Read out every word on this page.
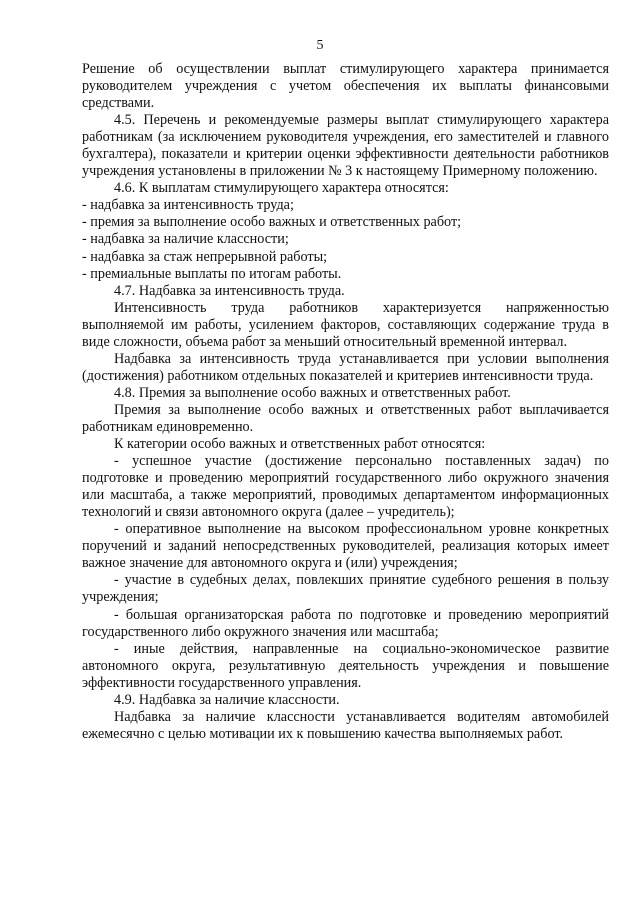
5

Решение об осуществлении выплат стимулирующего характера принимается руководителем учреждения с учетом обеспечения их выплаты финансовыми средствами.

4.5. Перечень и рекомендуемые размеры выплат стимулирующего характера работникам (за исключением руководителя учреждения, его заместителей и главного бухгалтера), показатели и критерии оценки эффективности деятельности работников учреждения установлены в приложении № 3 к настоящему Примерному положению.

4.6. К выплатам стимулирующего характера относятся:

- надбавка за интенсивность труда;

- премия за выполнение особо важных и ответственных работ;

- надбавка за наличие классности;

- надбавка за стаж непрерывной работы;

- премиальные выплаты по итогам работы.

4.7. Надбавка за интенсивность труда.

Интенсивность труда работников характеризуется напряженностью выполняемой им работы, усилением факторов, составляющих содержание труда в виде сложности, объема работ за меньший относительный временной интервал.

Надбавка за интенсивность труда устанавливается при условии выполнения (достижения) работником отдельных показателей и критериев интенсивности труда.

4.8. Премия за выполнение особо важных и ответственных работ.

Премия за выполнение особо важных и ответственных работ выплачивается работникам единовременно.

К категории особо важных и ответственных работ относятся:

- успешное участие (достижение персонально поставленных задач) по подготовке и проведению мероприятий государственного либо окружного значения или масштаба, а также мероприятий, проводимых департаментом информационных технологий и связи автономного округа (далее – учредитель);

- оперативное выполнение на высоком профессиональном уровне конкретных поручений и заданий непосредственных руководителей, реализация которых имеет важное значение для автономного округа и (или) учреждения;

- участие в судебных делах, повлекших принятие судебного решения в пользу учреждения;

- большая организаторская работа по подготовке и проведению мероприятий государственного либо окружного значения или масштаба;

- иные действия, направленные на социально-экономическое развитие автономного округа, результативную деятельность учреждения и повышение эффективности государственного управления.

4.9. Надбавка за наличие классности.

Надбавка за наличие классности устанавливается водителям автомобилей ежемесячно с целью мотивации их к повышению качества выполняемых работ.
